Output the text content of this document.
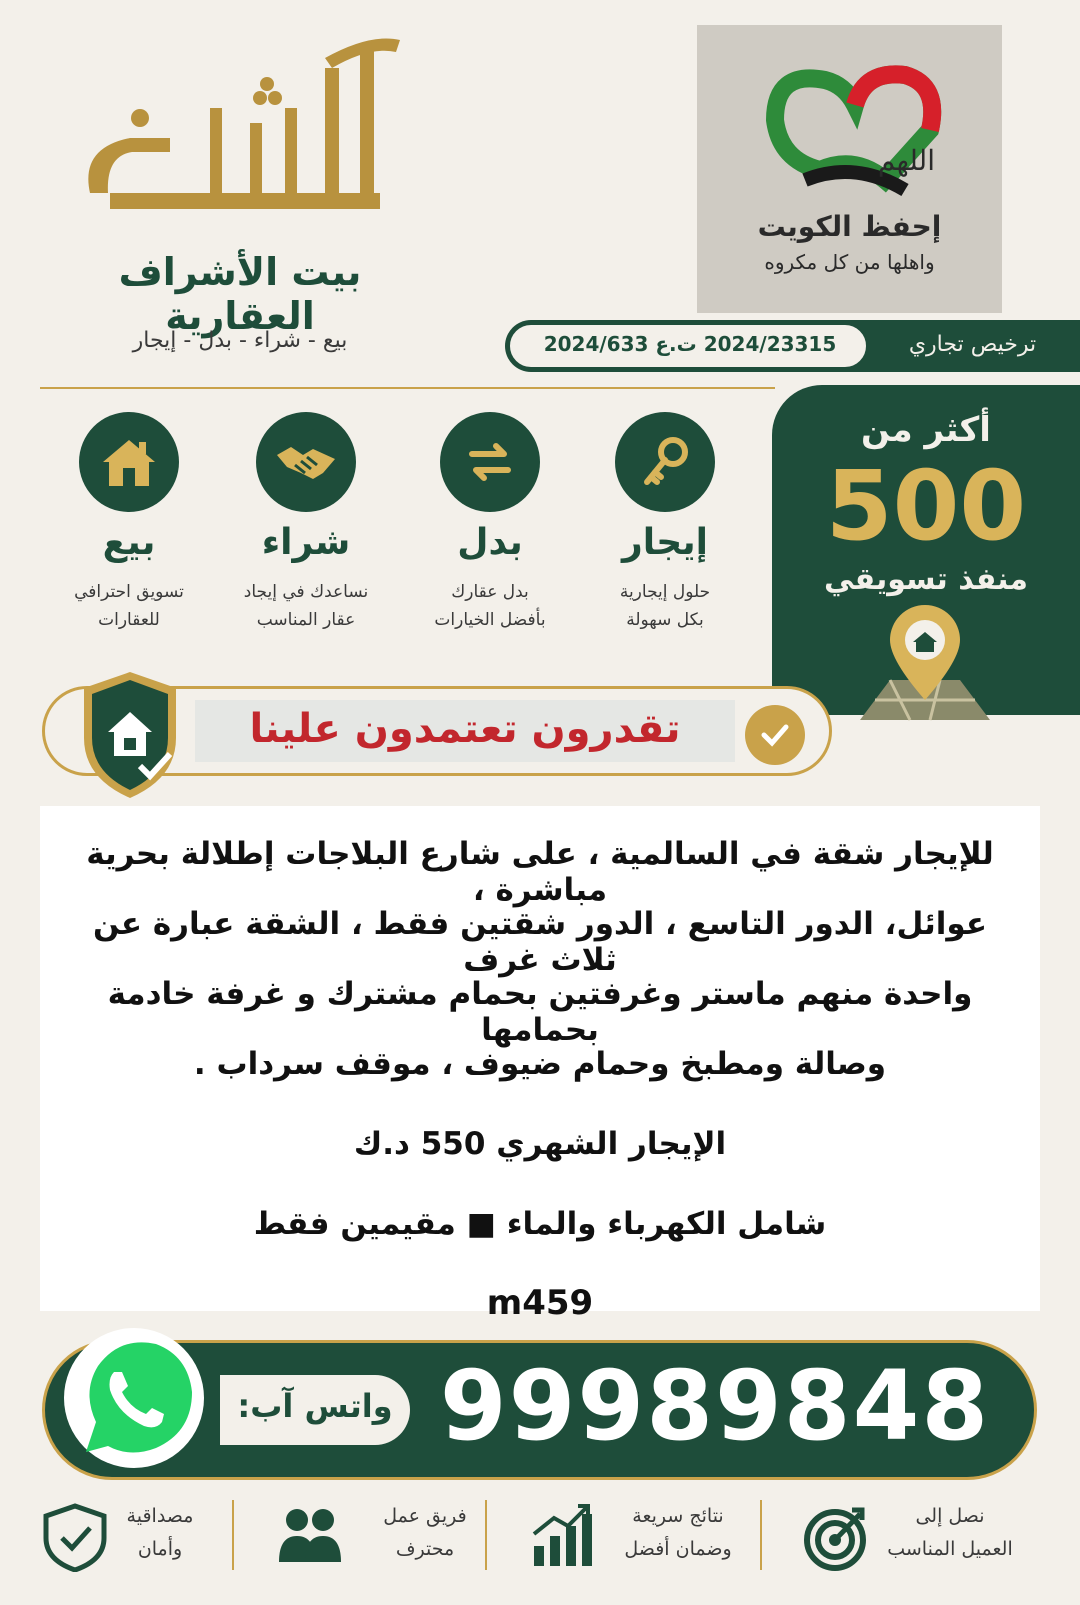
بيت الأشراف العقارية
بيع - شراء - بدل - إيجار
اللهم
إحفظ الكويت
واهلها من كل مكروه
ترخيص تجاري
2024/23315 ت.ع 2024/633
إيجار
حلول إيجارية
بكل سهولة
بدل
بدل عقارك
بأفضل الخيارات
شراء
نساعدك في إيجاد
عقار المناسب
بيع
تسويق احترافي
للعقارات
أكثر من
500
منفذ تسويقي
تقدرون تعتمدون علينا
للإيجار شقة في السالمية ، على شارع البلاجات إطلالة بحرية مباشرة ،
عوائل، الدور التاسع ، الدور شقتين فقط ، الشقة عبارة عن ثلاث غرف
واحدة منهم ماستر وغرفتين بحمام مشترك و غرفة خادمة بحمامها
وصالة ومطبخ وحمام ضيوف ، موقف سرداب .
الإيجار الشهري 550 د.ك
شامل الكهرباء والماء ■ مقيمين فقط
m459
واتس آب: 99989848
نصل إلى
العميل المناسب
نتائج سريعة
وضمان أفضل
فريق عمل
محترف
مصداقية
وأمان
